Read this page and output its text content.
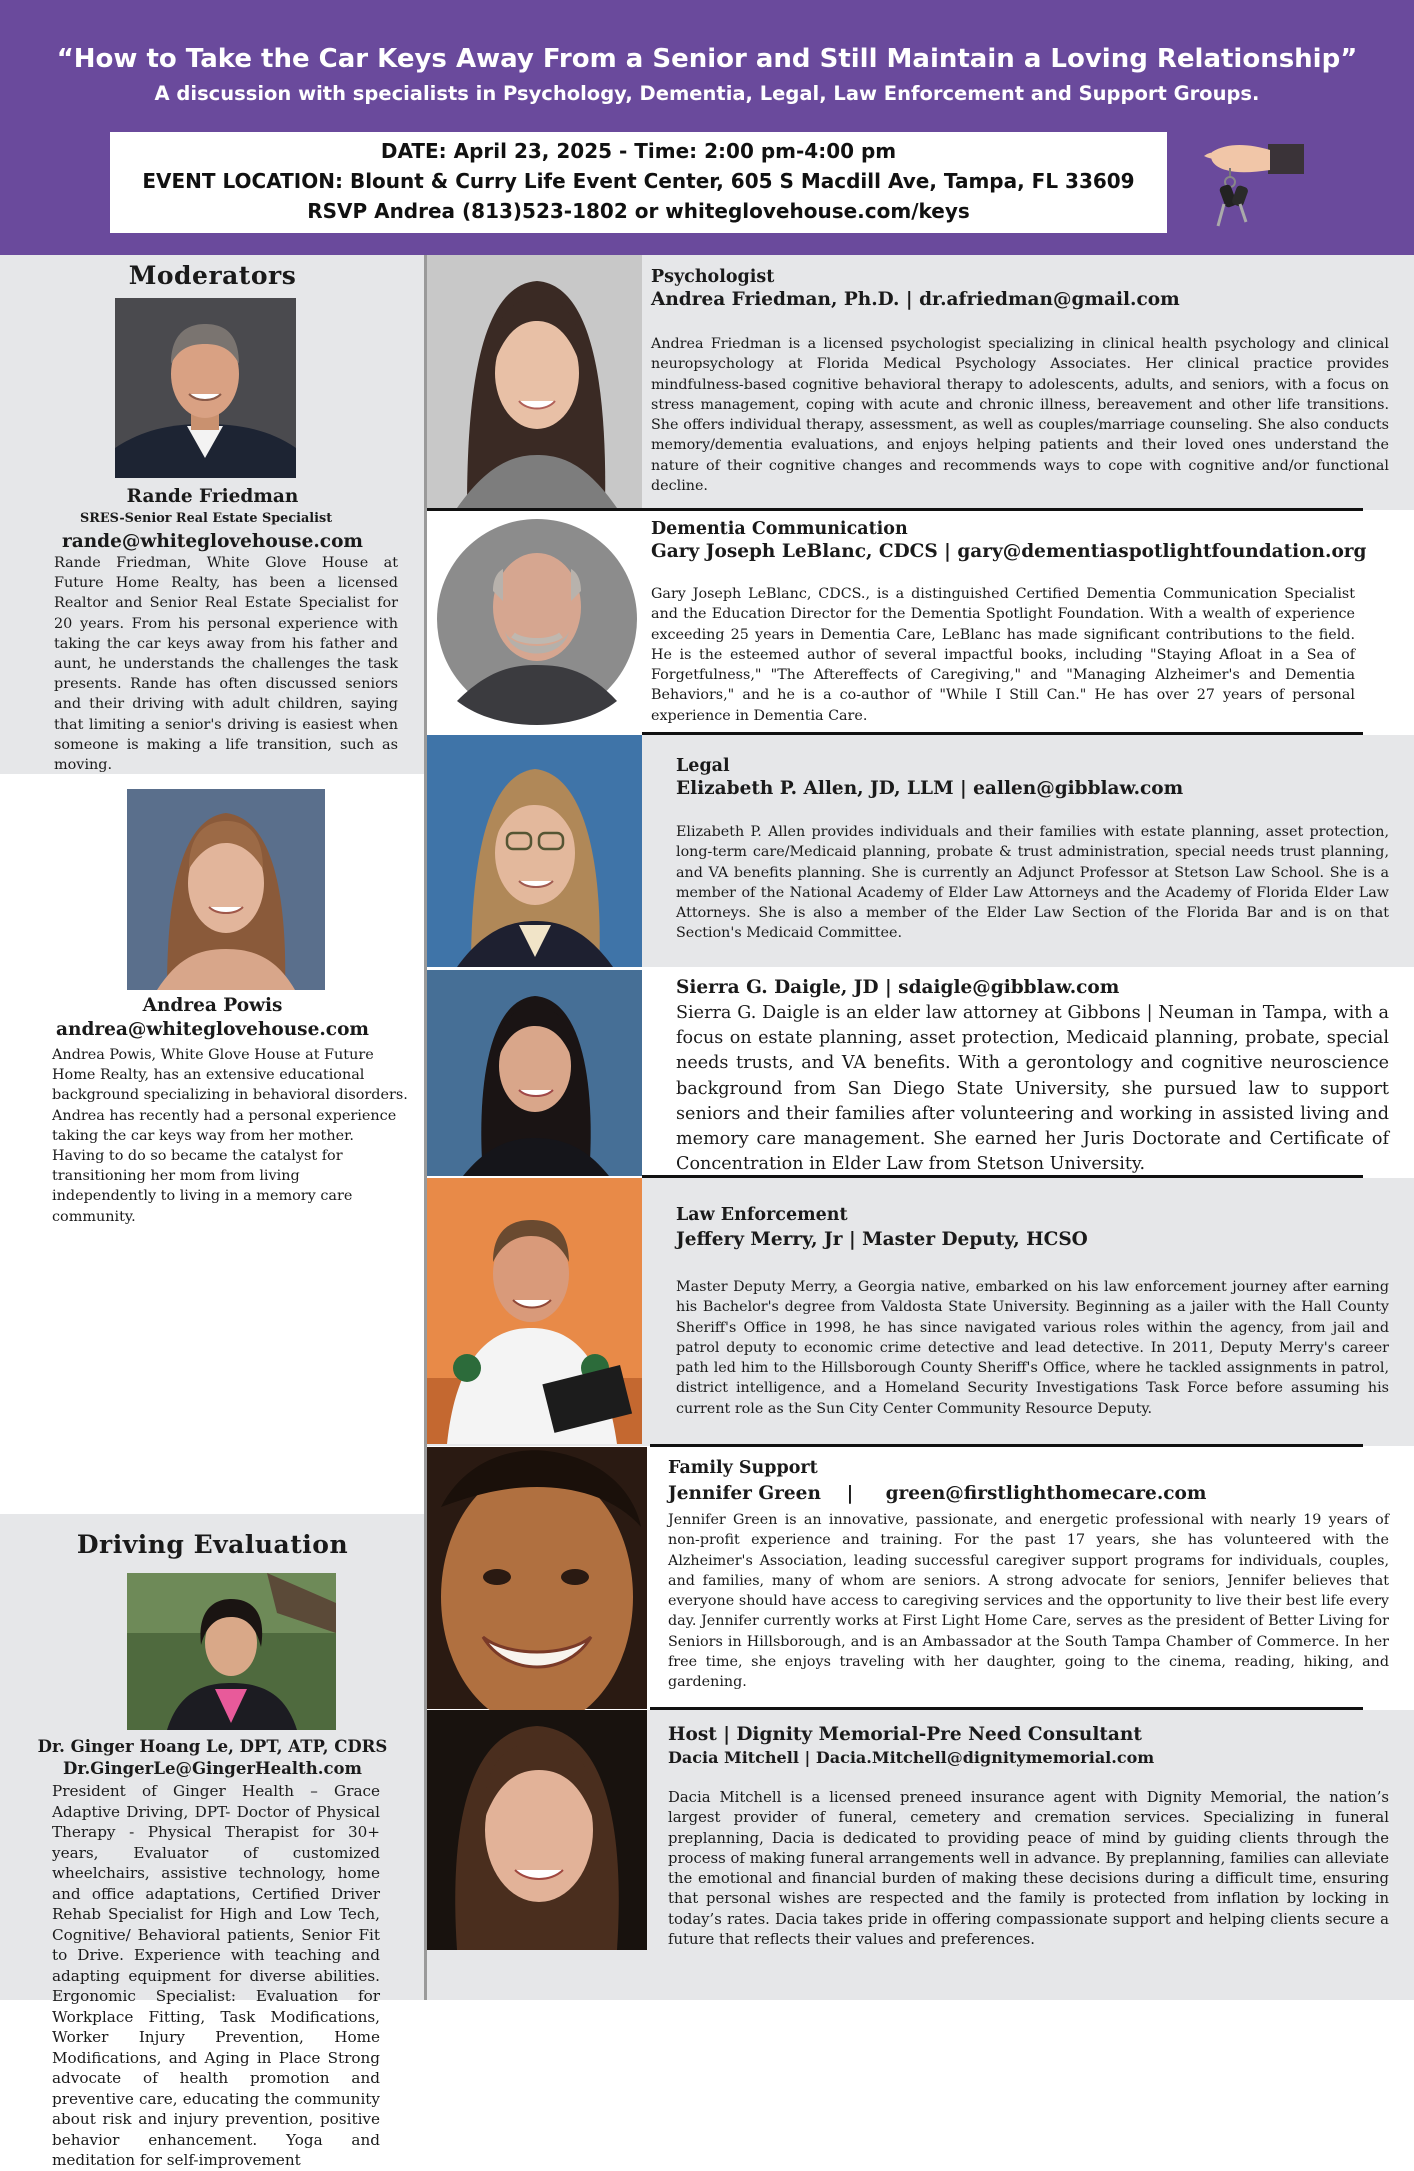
“How to Take the Car Keys Away From a Senior and Still Maintain a Loving Relationship”
A discussion with specialists in Psychology, Dementia, Legal, Law Enforcement and Support Groups.
DATE: April 23, 2025 - Time: 2:00 pm-4:00 pm
EVENT LOCATION: Blount & Curry Life Event Center, 605 S Macdill Ave, Tampa, FL 33609
RSVP Andrea (813)523-1802 or whiteglovehouse.com/keys
Moderators
Rande Friedman
SRES-Senior Real Estate Specialist
rande@whiteglovehouse.com
Rande Friedman, White Glove House at Future Home Realty, has been a licensed Realtor and Senior Real Estate Specialist for 20 years. From his personal experience with taking the car keys away from his father and aunt, he understands the challenges the task presents. Rande has often discussed seniors and their driving with adult children, saying that limiting a senior's driving is easiest when someone is making a life transition, such as moving.
Andrea Powis
andrea@whiteglovehouse.com
Andrea Powis, White Glove House at Future
Home Realty, has an extensive educational
background specializing in behavioral disorders.
Andrea has recently had a personal experience
taking the car keys way from her mother.
Having to do so became the catalyst for
transitioning her mom from living
independently to living in a memory care
community.
Driving Evaluation
Dr. Ginger Hoang Le, DPT, ATP, CDRS
Dr.GingerLe@GingerHealth.com
President of Ginger Health – Grace Adaptive Driving, DPT- Doctor of Physical Therapy - Physical Therapist for 30+ years, Evaluator of customized wheelchairs, assistive technology, home and office adaptations, Certified Driver Rehab Specialist for High and Low Tech, Cognitive/ Behavioral patients, Senior Fit to Drive. Experience with teaching and adapting equipment for diverse abilities. Ergonomic Specialist: Evaluation for Workplace Fitting, Task Modifications, Worker Injury Prevention, Home Modifications, and Aging in Place Strong advocate of health promotion and preventive care, educating the community about risk and injury prevention, positive behavior enhancement. Yoga and meditation for self-improvement
Psychologist
Andrea Friedman, Ph.D. | dr.afriedman@gmail.com
Andrea Friedman is a licensed psychologist specializing in clinical health psychology and clinical neuropsychology at Florida Medical Psychology Associates. Her clinical practice provides mindfulness-based cognitive behavioral therapy to adolescents, adults, and seniors, with a focus on stress management, coping with acute and chronic illness, bereavement and other life transitions. She offers individual therapy, assessment, as well as couples/marriage counseling. She also conducts memory/dementia evaluations, and enjoys helping patients and their loved ones understand the nature of their cognitive changes and recommends ways to cope with cognitive and/or functional decline.
Dementia Communication
Gary Joseph LeBlanc, CDCS | gary@dementiaspotlightfoundation.org
Gary Joseph LeBlanc, CDCS., is a distinguished Certified Dementia Communication Specialist and the Education Director for the Dementia Spotlight Foundation. With a wealth of experience exceeding 25 years in Dementia Care, LeBlanc has made significant contributions to the field. He is the esteemed author of several impactful books, including "Staying Afloat in a Sea of Forgetfulness," "The Aftereffects of Caregiving," and "Managing Alzheimer's and Dementia Behaviors," and he is a co-author of "While I Still Can." He has over 27 years of personal experience in Dementia Care.
Legal
Elizabeth P. Allen, JD, LLM | eallen@gibblaw.com
Elizabeth P. Allen provides individuals and their families with estate planning, asset protection, long-term care/Medicaid planning, probate & trust administration, special needs trust planning, and VA benefits planning. She is currently an Adjunct Professor at Stetson Law School. She is a member of the National Academy of Elder Law Attorneys and the Academy of Florida Elder Law Attorneys. She is also a member of the Elder Law Section of the Florida Bar and is on that Section's Medicaid Committee.
Sierra G. Daigle, JD | sdaigle@gibblaw.com
Sierra G. Daigle is an elder law attorney at Gibbons | Neuman in Tampa, with a focus on estate planning, asset protection, Medicaid planning, probate, special needs trusts, and VA benefits. With a gerontology and cognitive neuroscience background from San Diego State University, she pursued law to support seniors and their families after volunteering and working in assisted living and memory care management. She earned her Juris Doctorate and Certificate of Concentration in Elder Law from Stetson University.
Law Enforcement
Jeffery Merry, Jr | Master Deputy, HCSO
Master Deputy Merry, a Georgia native, embarked on his law enforcement journey after earning his Bachelor's degree from Valdosta State University. Beginning as a jailer with the Hall County Sheriff's Office in 1998, he has since navigated various roles within the agency, from jail and patrol deputy to economic crime detective and lead detective. In 2011, Deputy Merry's career path led him to the Hillsborough County Sheriff's Office, where he tackled assignments in patrol, district intelligence, and a Homeland Security Investigations Task Force before assuming his current role as the Sun City Center Community Resource Deputy.
Family Support
Jennifer Green    |     green@firstlighthomecare.com
Jennifer Green is an innovative, passionate, and energetic professional with nearly 19 years of non-profit experience and training. For the past 17 years, she has volunteered with the Alzheimer's Association, leading successful caregiver support programs for individuals, couples, and families, many of whom are seniors. A strong advocate for seniors, Jennifer believes that everyone should have access to caregiving services and the opportunity to live their best life every day. Jennifer currently works at First Light Home Care, serves as the president of Better Living for Seniors in Hillsborough, and is an Ambassador at the South Tampa Chamber of Commerce. In her free time, she enjoys traveling with her daughter, going to the cinema, reading, hiking, and gardening.
Host | Dignity Memorial-Pre Need Consultant
Dacia Mitchell | Dacia.Mitchell@dignitymemorial.com
Dacia Mitchell is a licensed preneed insurance agent with Dignity Memorial, the nation’s largest provider of funeral, cemetery and cremation services. Specializing in funeral preplanning, Dacia is dedicated to providing peace of mind by guiding clients through the process of making funeral arrangements well in advance. By preplanning, families can alleviate the emotional and financial burden of making these decisions during a difficult time, ensuring that personal wishes are respected and the family is protected from inflation by locking in today’s rates. Dacia takes pride in offering compassionate support and helping clients secure a future that reflects their values and preferences.
